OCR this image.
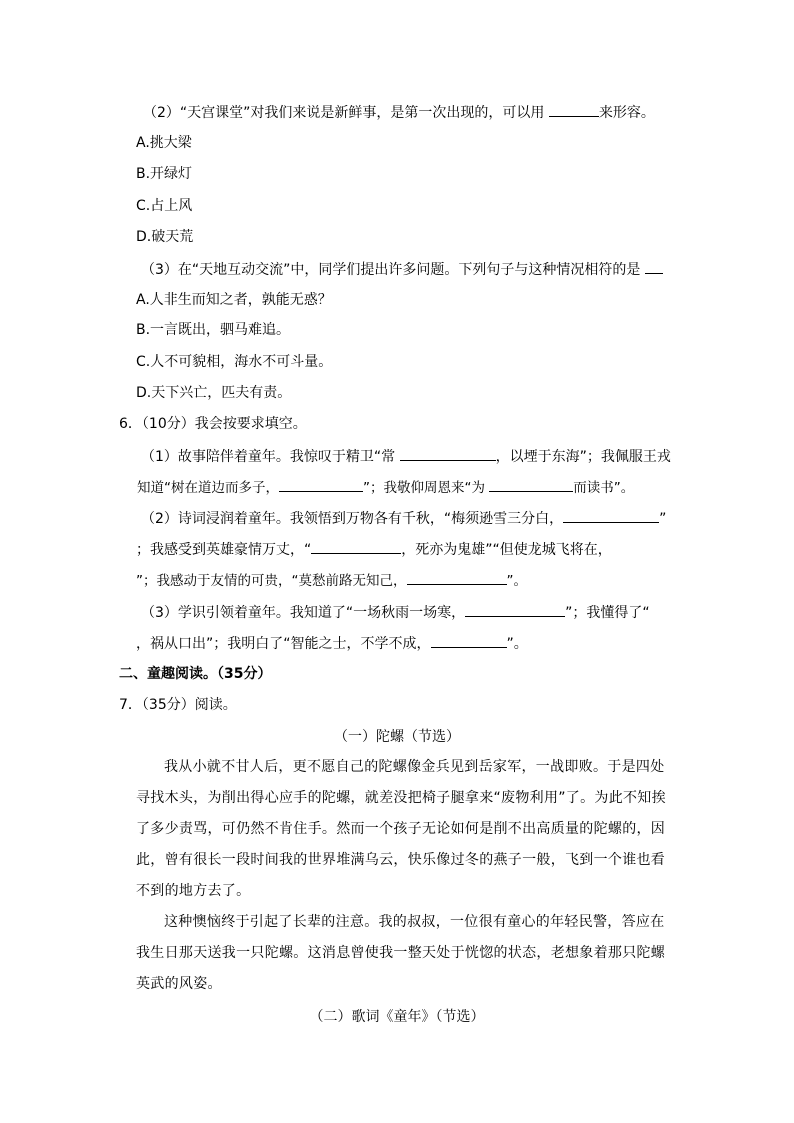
（2）“天宫课堂”对我们来说是新鲜事，是第一次出现的，可以用	来形容。
A.挑大梁
B.开绿灯
C.占上风
D.破天荒
（3）在“天地互动交流”中，同学们提出许多问题。下列句子与这种情况相符的是
A.人非生而知之者，孰能无惑？
B.一言既出，驷马难追。
C.人不可貌相，海水不可斗量。
D.天下兴亡，匹夫有责。
6．（10分）我会按要求填空。
（1）故事陪伴着童年。我惊叹于精卫“常	，以堙于东海”；我佩服王戎
知道“树在道边而多子，	”；我敬仰周恩来“为	而读书”。
（2）诗词浸润着童年。我领悟到万物各有千秋，“梅须逊雪三分白，	”
；我感受到英雄豪情万丈，“	，死亦为鬼雄”“但使龙城飞将在，
”；我感动于友情的可贵，“莫愁前路无知己，	”。
（3）学识引领着童年。我知道了“一场秋雨一场寒，	”；我懂得了“
，祸从口出”；我明白了“智能之士，不学不成，	”。
二、童趣阅读。（35分）
7．（35分）阅读。
（一）陀螺（节选）

我从小就不甘人后，更不愿自己的陀螺像金兵见到岳家军，一战即败。于是四处寻找木头，为削出得心应手的陀螺，就差没把椅子腿拿来“废物利用”了。为此不知挨了多少责骂，可仍然不肯住手。然而一个孩子无论如何是削不出高质量的陀螺的，因此，曾有很长一段时间我的世界堆满乌云，快乐像过冬的燕子一般，飞到一个谁也看不到的地方去了。

这种懊恼终于引起了长辈的注意。我的叔叔，一位很有童心的年轻民警，答应在我生日那天送我一只陀螺。这消息曾使我一整天处于恍惚的状态，老想象着那只陀螺英武的风姿。

（二）歌词《童年》（节选）
